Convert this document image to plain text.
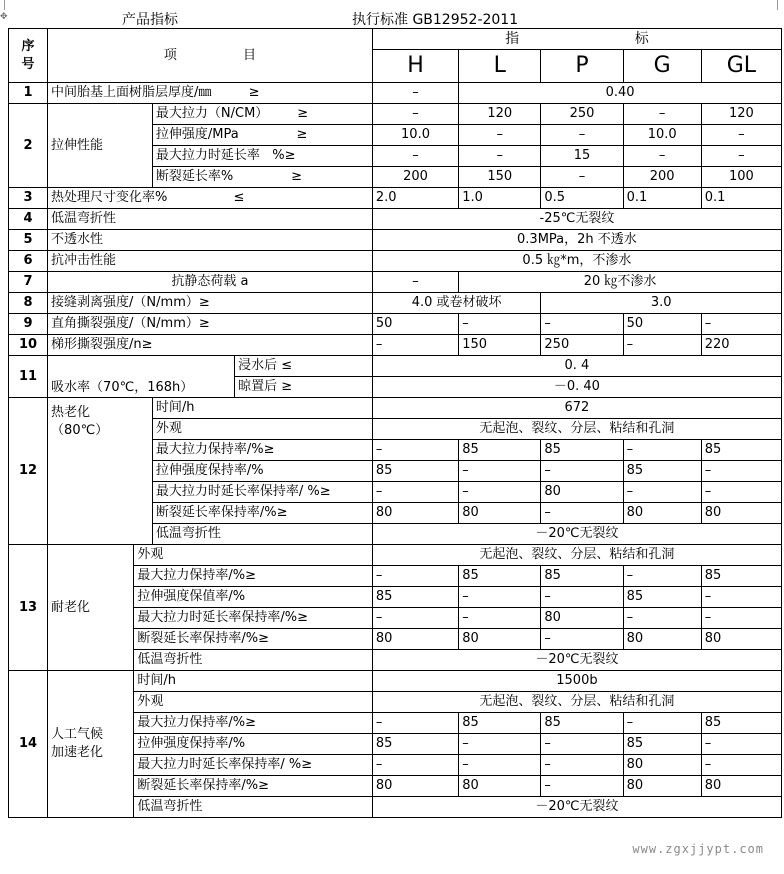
✥	产品指标	执行标准 GB12952-2011
序
号	项                目				指                          标				
					H	L	P	G	GL
1	中间胎基上面树脂层厚度/㎜         ≥				–	0.40			
2	拉伸性能		最大拉力（N/CM）       ≥		–	120	250	–	120
			拉伸强度/MPa              ≥		10.0	–	–	10.0	–
			最大拉力时延长率   %≥		–	–	15	–	–
			断裂延长率%              ≥		200	150	–	200	100
3	热处理尺寸变化率%                ≤				2.0	1.0	0.5	0.1	0.1
4	低温弯折性				-25℃无裂纹				
5	不透水性				0.3MPa，2h 不透水				
6	抗冲击性能				0.5 ㎏*m，不渗水				
7	抗静态荷载 a				–	20 ㎏不渗水			
8	接缝剥离强度/（N/mm）≥				4.0 或卷材破坏		3.0		
9	直角撕裂强度/（N/mm）≥				50	–	–	50	–
10	梯形撕裂强度/n≥				–	150	250	–	220
11	吸水率（70℃，168h）			浸水后 ≤	0. 4				
				晾置后 ≥	－0. 40				
12	热老化
（80℃）		时间/h		672				
			外观		无起泡、裂纹、分层、粘结和孔洞				
			最大拉力保持率/%≥		–	85	85	–	85
			拉伸强度保持率/%		85	–	–	85	–
			最大拉力时延长率保持率/ %≥		–	–	80	–	–
			断裂延长率保持率/%≥		80	80	–	80	80
			低温弯折性		－20℃无裂纹				
13	耐老化	外观			无起泡、裂纹、分层、粘结和孔洞				
		最大拉力保持率/%≥			–	85	85	–	85
		拉伸强度保值率/%			85	–	–	85	–
		最大拉力时延长率保持率/%≥			–	–	80	–	–
		断裂延长率保持率/%≥			80	80	–	80	80
		低温弯折性			－20℃无裂纹				
14	人工气候
加速老化	时间/h			1500b				
		外观			无起泡、裂纹、分层、粘结和孔洞				
		最大拉力保持率/%≥			–	85	85	–	85
		拉伸强度保持率/%			85	–	–	85	–
		最大拉力时延长率保持率/ %≥			–	–	–	80	–
		断裂延长率保持率/%≥			80	80	–	80	80
		低温弯折性			－20℃无裂纹				
www.zgxjjypt.com
